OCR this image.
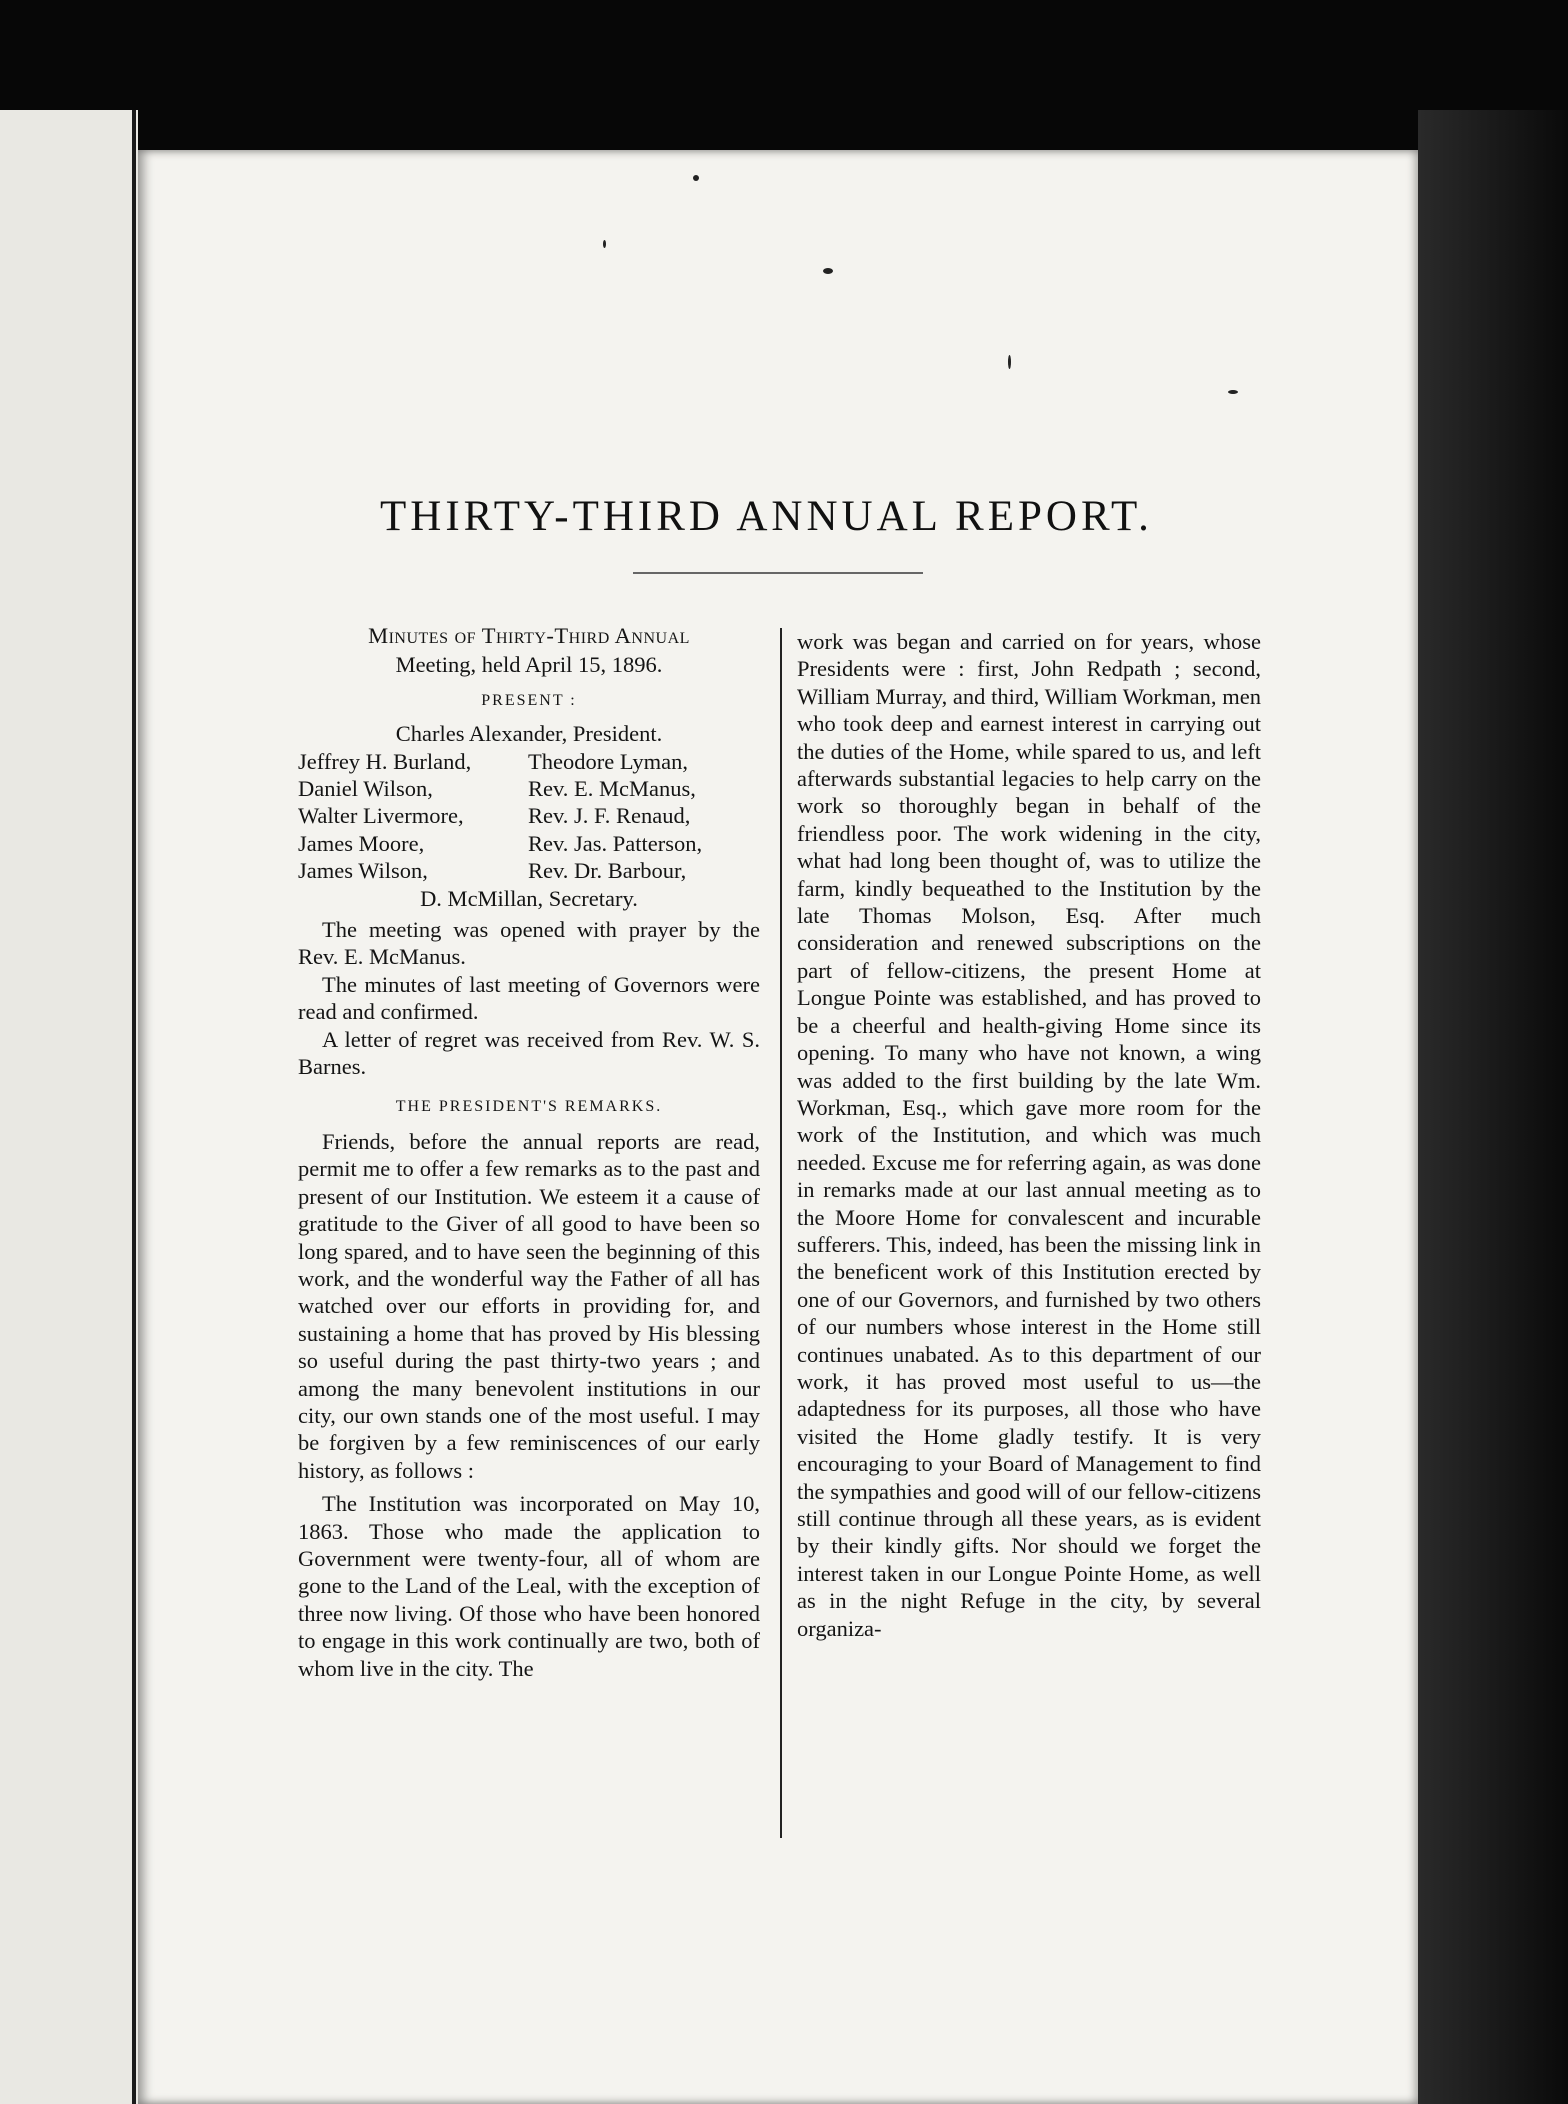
THIRTY-THIRD ANNUAL REPORT.
Minutes of Thirty-Third Annual
Meeting, held April 15, 1896.
PRESENT :
Charles Alexander, President.
Jeffrey H. Burland,	Theodore Lyman,
Daniel Wilson,	Rev. E. McManus,
Walter Livermore,	Rev. J. F. Renaud,
James Moore,	Rev. Jas. Patterson,
James Wilson,	Rev. Dr. Barbour,
D. McMillan, Secretary.

The meeting was opened with prayer by the Rev. E. McManus.

The minutes of last meeting of Governors were read and confirmed.

A letter of regret was received from Rev. W. S. Barnes.

THE PRESIDENT'S REMARKS.

Friends, before the annual reports are read, permit me to offer a few remarks as to the past and present of our Institution. We esteem it a cause of gratitude to the Giver of all good to have been so long spared, and to have seen the beginning of this work, and the wonderful way the Father of all has watched over our efforts in providing for, and sustaining a home that has proved by His blessing so useful during the past thirty-two years ; and among the many benevolent institutions in our city, our own stands one of the most useful. I may be forgiven by a few reminiscences of our early history, as follows :

The Institution was incorporated on May 10, 1863. Those who made the application to Government were twenty-four, all of whom are gone to the Land of the Leal, with the exception of three now living. Of those who have been honored to engage in this work continually are two, both of whom live in the city. The

work was began and carried on for years, whose Presidents were : first, John Redpath ; second, William Murray, and third, William Workman, men who took deep and earnest interest in carrying out the duties of the Home, while spared to us, and left afterwards substantial legacies to help carry on the work so thoroughly began in behalf of the friendless poor. The work widening in the city, what had long been thought of, was to utilize the farm, kindly bequeathed to the Institution by the late Thomas Molson, Esq. After much consideration and renewed subscriptions on the part of fellow-citizens, the present Home at Longue Pointe was established, and has proved to be a cheerful and health-giving Home since its opening. To many who have not known, a wing was added to the first building by the late Wm. Workman, Esq., which gave more room for the work of the Institution, and which was much needed. Excuse me for referring again, as was done in remarks made at our last annual meeting as to the Moore Home for convalescent and incurable sufferers. This, indeed, has been the missing link in the beneficent work of this Institution erected by one of our Governors, and furnished by two others of our numbers whose interest in the Home still continues unabated. As to this department of our work, it has proved most useful to us—the adaptedness for its purposes, all those who have visited the Home gladly testify. It is very encouraging to your Board of Management to find the sympathies and good will of our fellow-citizens still continue through all these years, as is evident by their kindly gifts. Nor should we forget the interest taken in our Longue Pointe Home, as well as in the night Refuge in the city, by several organiza-
